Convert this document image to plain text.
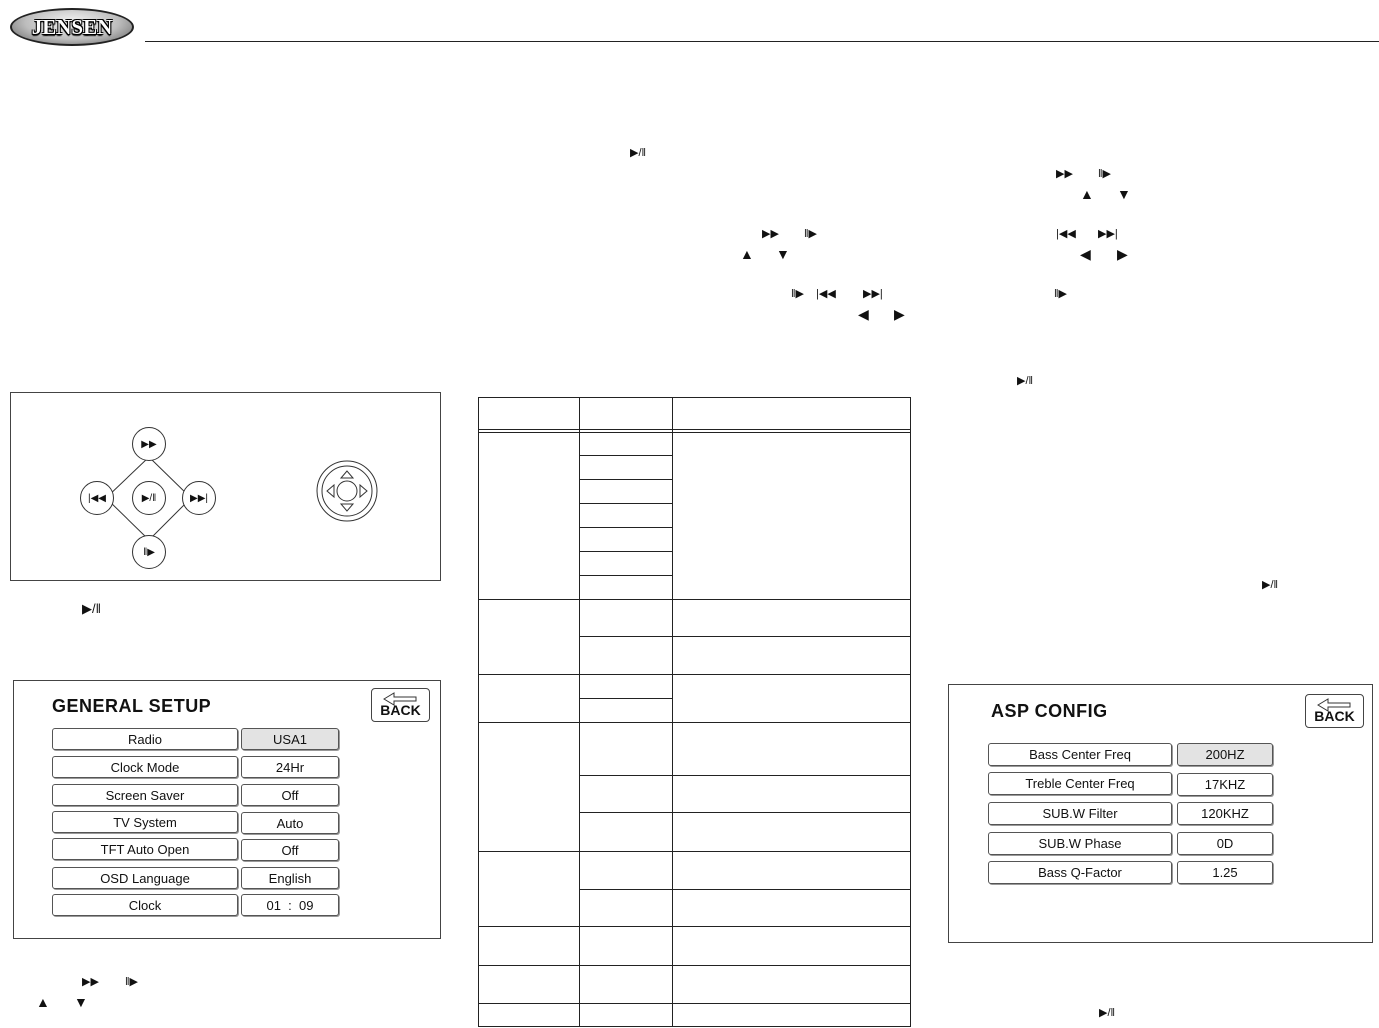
JENSEN
▶/‖
▶▶ ‖▶
▲ ▼
‖▶ |◀◀ ▶▶|
◀ ▶
▶▶ ‖▶
▲ ▼
|◀◀ ▶▶|
◀ ▶
‖▶
▶/‖
▶/‖
▶/‖
▶▶
|◀◀	▶/‖	▶▶|
‖▶
▶/‖
GENERAL SETUP	BACK
Radio	USA1
Clock Mode	24Hr
Screen Saver	Off
TV System	Auto
TFT Auto Open	Off
OSD Language	English
Clock	01  :  09
▶▶ ‖▶
▲ ▼
ASP CONFIG	BACK
Bass Center Freq	200HZ
Treble Center Freq	17KHZ
SUB.W Filter	120KHZ
SUB.W Phase	0D
Bass Q-Factor	1.25
